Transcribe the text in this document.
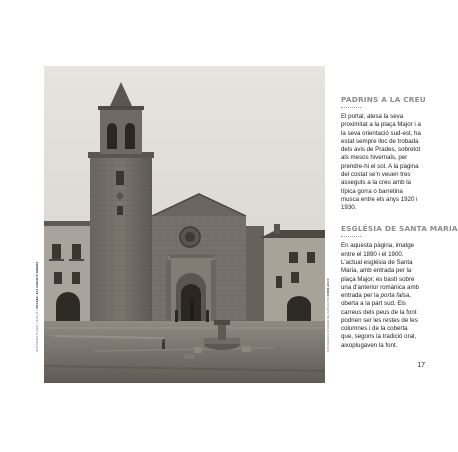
HISTÒRIES D'AQUÍ I D'ALLÀ I PRADES. ELS DIMARTS RIBERS
FOTOGRAFIA D'ARXIU DE CATALUNYA FONS AFOC
PADRINS A LA CREU

El portal, atesa la seva proximitat a la plaça Major i a la seva orientació sud-est, ha estat sempre lloc de trobada dels avis de Prades, sobretot als mesos hivernals, per prendre-hi el sol. A la pàgina del costat se'n veuen tres asseguts a la creu amb la típica gorra o barretina musca entre els anys 1920 i 1930.

ESGLÉSIA DE SANTA MARIA

En aquesta pàgina, imatge entre el 1890 i el 1900. L'actual església de Santa Maria, amb entrada per la plaça Major, es bastí sobre una d'anterior romànica amb entrada per la porta falsa, oberta a la part sud. Els carreus dels peus de la font podrien ser les restes de les columnes i de la coberta que, segons la tradició oral, aixoplugaven la font.

17
